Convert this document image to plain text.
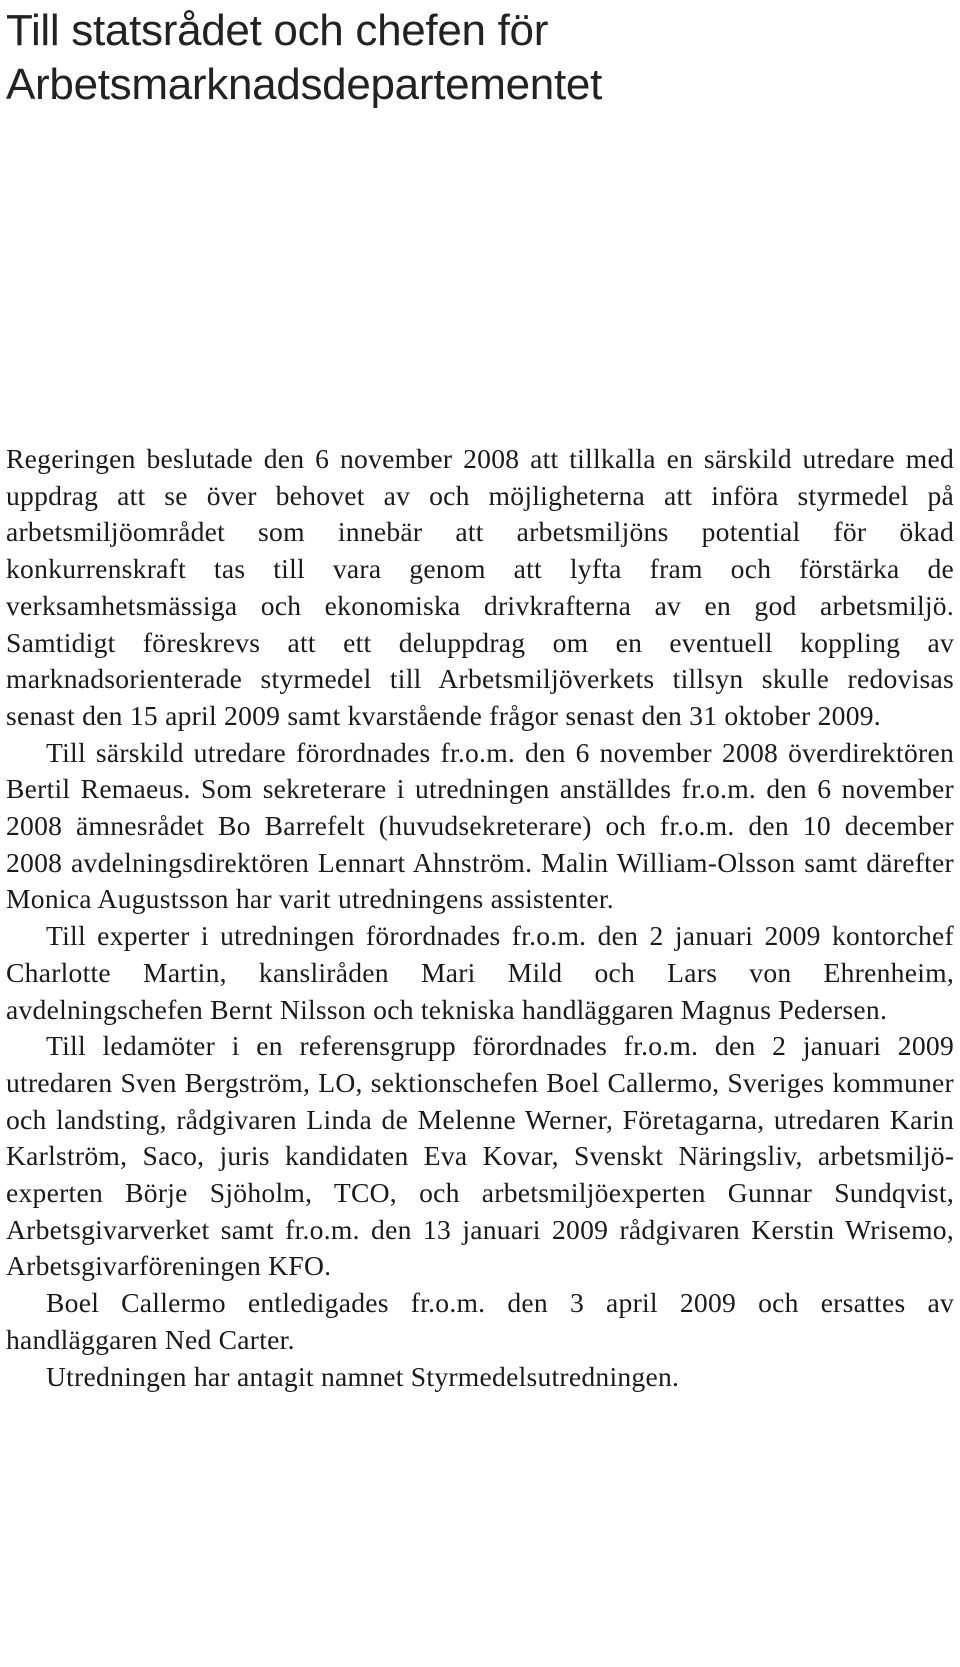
Till statsrådet och chefen för
Arbetsmarknadsdepartementet

Regeringen beslutade den 6 november 2008 att tillkalla en särskild utredare med uppdrag att se över behovet av och möjligheterna att införa styrmedel på arbetsmiljöområdet som innebär att arbetsmiljöns potential för ökad konkurrenskraft tas till vara genom att lyfta fram och förstärka de verksamhetsmässiga och ekonomiska drivkrafterna av en god arbetsmiljö. Samtidigt föreskrevs att ett deluppdrag om en eventuell koppling av marknadsorienterade styrmedel till Arbetsmiljöverkets tillsyn skulle redovisas senast den 15 april 2009 samt kvarstående frågor senast den 31 oktober 2009.

Till särskild utredare förordnades fr.o.m. den 6 november 2008 överdirektören Bertil Remaeus. Som sekreterare i utredningen anställdes fr.o.m. den 6 november 2008 ämnesrådet Bo Barrefelt (huvudsekreterare) och fr.o.m. den 10 december 2008 avdelningsdirektören Lennart Ahnström. Malin William-Olsson samt därefter Monica Augustsson har varit utredningens assistenter.

Till experter i utredningen förordnades fr.o.m. den 2 januari 2009 kontorchef Charlotte Martin, kansliråden Mari Mild och Lars von Ehrenheim, avdelningschefen Bernt Nilsson och tekniska handläggaren Magnus Pedersen.

Till ledamöter i en referensgrupp förordnades fr.o.m. den 2 januari 2009 utredaren Sven Bergström, LO, sektionschefen Boel Callermo, Sveriges kommuner och landsting, rådgivaren Linda de Melenne Werner, Företagarna, utredaren Karin Karlström, Saco, juris kandidaten Eva Kovar, Svenskt Näringsliv, arbetsmiljöexperten Börje Sjöholm, TCO, och arbetsmiljöexperten Gunnar Sundqvist, Arbetsgivarverket samt fr.o.m. den 13 januari 2009 rådgivaren Kerstin Wrisemo, Arbetsgivarföreningen KFO.

Boel Callermo entledigades fr.o.m. den 3 april 2009 och ersattes av handläggaren Ned Carter.

Utredningen har antagit namnet Styrmedelsutredningen.
